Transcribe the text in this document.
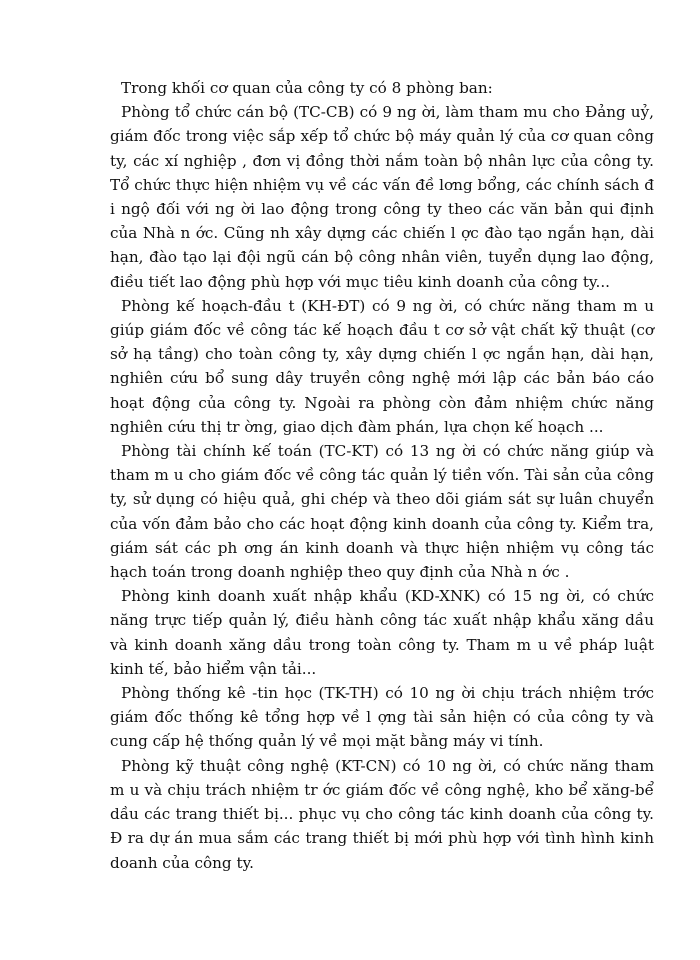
Trong khối cơ quan của công ty có 8 phòng ban:

Phòng tổ chức cán bộ (TC-CB) có 9 ng ời, làm tham mu cho Đảng uỷ, giám đốc trong việc sắp xếp tổ chức bộ máy quản lý của cơ quan công ty, các xí nghiệp , đơn vị đồng thời nắm toàn bộ nhân lực của công ty. Tổ chức thực hiện nhiệm vụ về các vấn đề lơng bổng, các chính sách đ i ngộ đối với ng ời lao động trong công ty theo các văn bản qui định của Nhà n ớc. Cũng nh xây dựng các chiến l ợc đào tạo ngắn hạn, dài hạn, đào tạo lại đội ngũ cán bộ công nhân viên, tuyển dụng lao động, điều tiết lao động phù hợp với mục tiêu kinh doanh của công ty...

Phòng kế hoạch-đầu t (KH-ĐT) có 9 ng ời, có chức năng tham m u giúp giám đốc về công tác kế hoạch đầu t cơ sở vật chất kỹ thuật (cơ sở hạ tầng) cho toàn công ty, xây dựng chiến l ợc ngắn hạn, dài hạn, nghiên cứu bổ sung dây truyền công nghệ mới lập các bản báo cáo hoạt động của công ty. Ngoài ra phòng còn đảm nhiệm chức năng nghiên cứu thị tr ờng, giao dịch đàm phán, lựa chọn kế hoạch ...

Phòng tài chính kế toán (TC-KT) có 13 ng ời có chức năng giúp và tham m u cho giám đốc về công tác quản lý tiền vốn. Tài sản của công ty, sử dụng có hiệu quả, ghi chép và theo dõi giám sát sự luân chuyển của vốn đảm bảo cho các hoạt động kinh doanh của công ty. Kiểm tra, giám sát các ph ơng án kinh doanh và thực hiện nhiệm vụ công tác hạch toán trong doanh nghiệp theo quy định của Nhà n ớc .

Phòng kinh doanh xuất nhập khẩu (KD-XNK) có 15 ng ời, có chức năng trực tiếp quản lý, điều hành công tác xuất nhập khẩu xăng dầu và kinh doanh xăng dầu trong toàn công ty. Tham m u về pháp luật kinh tế, bảo hiểm vận tải...

Phòng thống kê -tin học (TK-TH) có 10 ng ời chịu trách nhiệm trớc giám đốc thống kê tổng hợp về l ợng tài sản hiện có của công ty và cung cấp hệ thống quản lý về mọi mặt bằng máy vi tính.

Phòng kỹ thuật công nghệ (KT-CN) có 10 ng ời, có chức năng tham m u và chịu trách nhiệm tr ớc giám đốc về công nghệ, kho bể xăng-bể dầu các trang thiết bị... phục vụ cho công tác kinh doanh của công ty. Đ ra dự án mua sắm các trang thiết bị mới phù hợp với tình hình kinh doanh của công ty.
